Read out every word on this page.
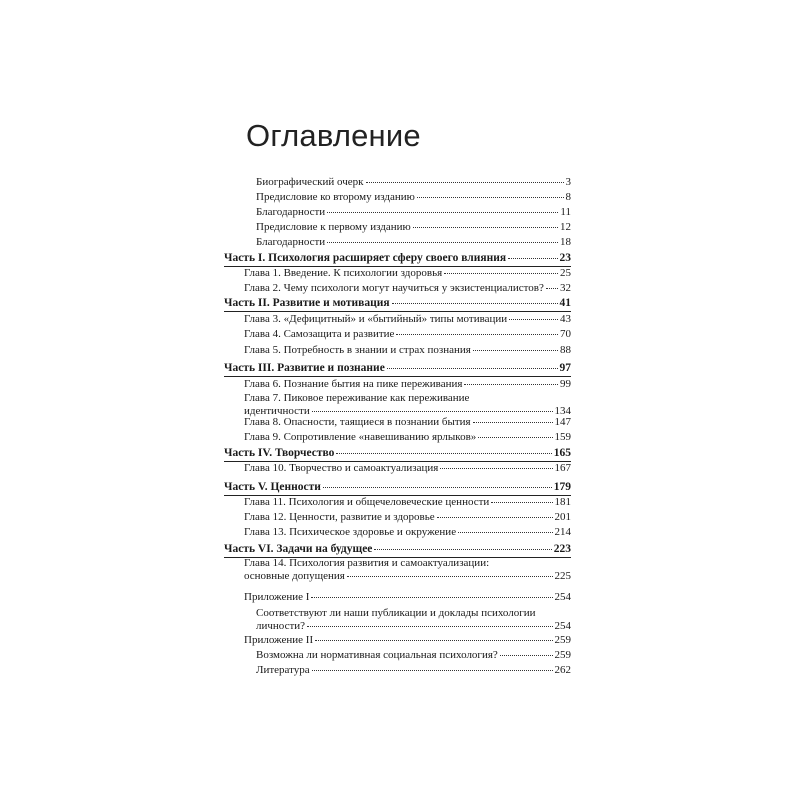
Оглавление
Биографический очерк	3
Предисловие ко второму изданию	8
Благодарности	11
Предисловие к первому изданию	12
Благодарности	18
Часть I. Психология расширяет сферу своего влияния	23
Глава 1. Введение. К психологии здоровья	25
Глава 2. Чему психологи могут научиться у экзистенциалистов? 32
Часть II. Развитие и мотивация	41
Глава 3. «Дефицитный» и «бытийный» типы мотивации	43
Глава 4. Самозащита и развитие	70
Глава 5. Потребность в знании и страх познания	88
Часть III. Развитие и познание	97
Глава 6. Познание бытия на пике переживания	99
Глава 7. Пиковое переживание как переживание
идентичности	134
Глава 8. Опасности, таящиеся в познании бытия	147
Глава 9. Сопротивление «навешиванию ярлыков»	159
Часть IV. Творчество	165
Глава 10. Творчество и самоактуализация	167
Часть V. Ценности	179
Глава 11. Психология и общечеловеческие ценности	181
Глава 12. Ценности, развитие и здоровье	201
Глава 13. Психическое здоровье и окружение	214
Часть VI. Задачи на будущее	223
Глава 14. Психология развития и самоактуализации:
основные допущения	225
Приложение I	254
Соответствуют ли наши публикации и доклады психологии
личности?	254
Приложение II	259
Возможна ли нормативная социальная психология?	259
Литература	262
